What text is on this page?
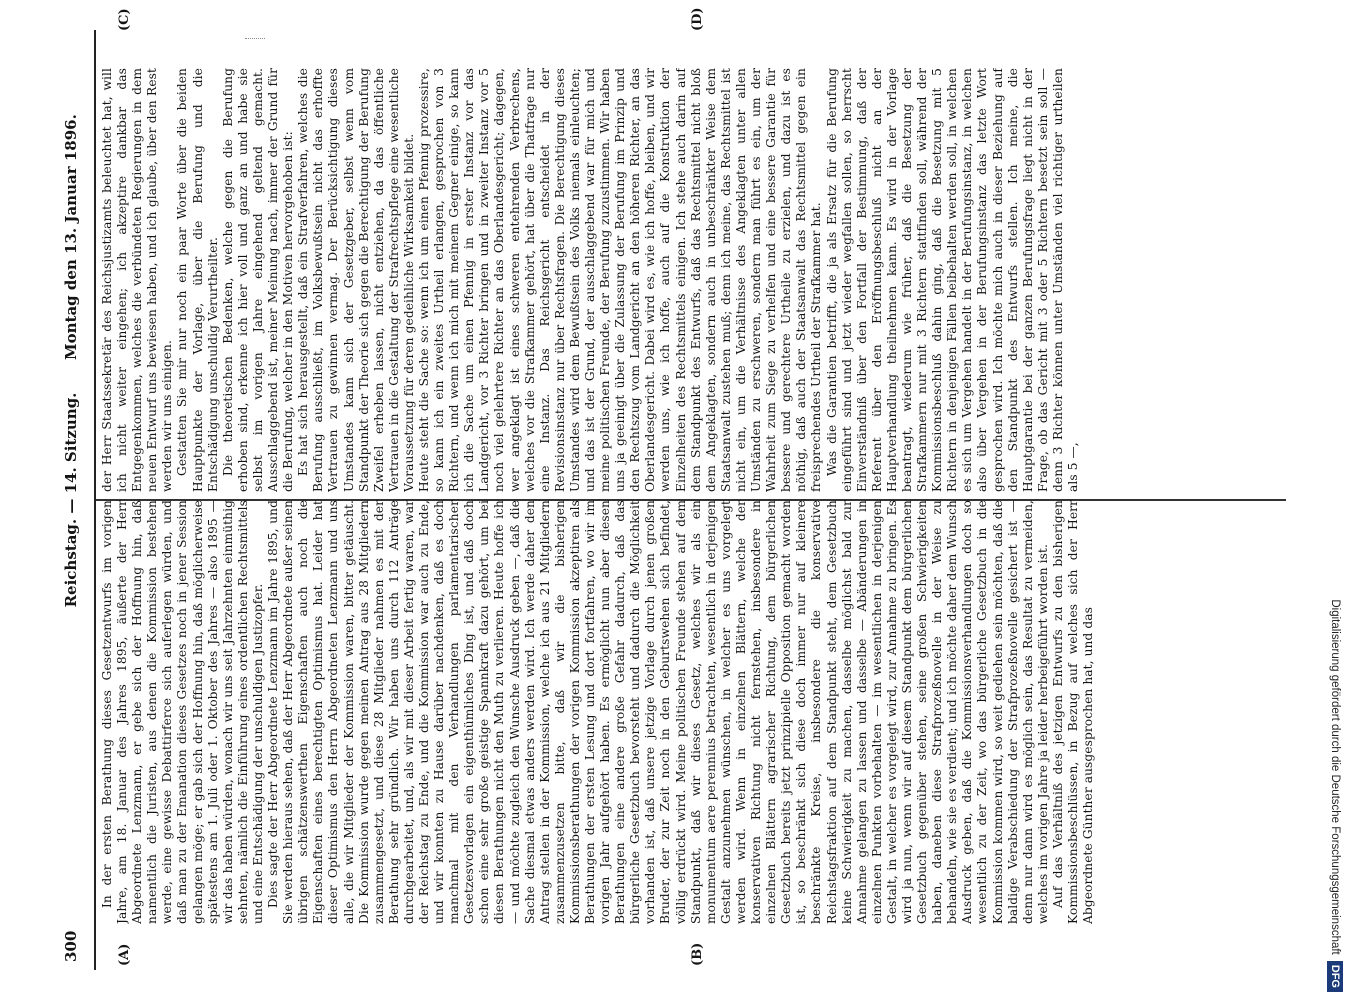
300
Reichstag. — 14. Sitzung.
Montag den 13. Januar 1896.
(A)	(B)
(C)	(D)

In der ersten Berathung dieses Gesetzentwurfs im vorigen Jahre, am 18. Januar des Jahres 1895, äußerte der Herr Abgeordnete Lenzmann, er gebe sich der Hoffnung hin, daß namentlich die Juristen, aus denen die Kommission bestehen werde, eine gewisse Debattirferce sich auferlegen würden, und daß man zu der Emanation dieses Gesetzes noch in jener Session gelangen möge; er gab sich der Hoffnung hin, daß möglicherweise spätestens am 1. Juli oder 1. Oktober des Jahres — also 1895 — wir das haben würden, wonach wir uns seit Jahrzehnten einmüthig sehnten, nämlich die Einführung eines ordentlichen Rechtsmittels und eine Entschädigung der unschuldigen Justizopfer. Dies sagte der Herr Abgeordnete Lenzmann im Jahre 1895, und Sie werden hieraus sehen, daß der Herr Abgeordnete außer seinen übrigen schätzenswerthen Eigenschaften auch noch die Eigenschaften eines berechtigten Optimismus hat. Leider hat dieser Optimismus den Herrn Abgeordneten Lenzmann und uns alle, die wir Mitglieder der Kommission waren, bitter getäuscht. Die Kommission wurde gegen meinen Antrag aus 28 Mitgliedern zusammengesetzt, und diese 28 Mitglieder nahmen es mit der Berathung sehr gründlich. Wir haben uns durch 112 Anträge durchgearbeitet, und, als wir mit dieser Arbeit fertig waren, war der Reichstag zu Ende, und die Kommission war auch zu Ende, und wir konnten zu Hause darüber nachdenken, daß es doch manchmal mit den Verhandlungen parlamentarischer Gesetzesvorlagen ein eigenthümliches Ding ist, und daß doch schon eine sehr große geistige Spannkraft dazu gehört, um bei diesen Berathungen nicht den Muth zu verlieren. Heute hoffe ich — und möchte zugleich den Wunsche Ausdruck geben —, daß die Sache diesmal etwas anders werden wird. Ich werde daher den Antrag stellen in der Kommission, welche ich aus 21 Mitgliedern zusammenzusetzen bitte, daß wir die bisherigen Kommissionsberathungen der vorigen Kommission akzeptiren als Berathungen der ersten Lesung und dort fortfahren, wo wir im vorigen Jahr aufgehört haben. Es ermöglicht nun aber diesen Berathungen eine andere große Gefahr dadurch, daß das bürgerliche Gesetzbuch bevorsteht und dadurch die Möglichkeit vorhanden ist, daß unsere jetzige Vorlage durch jenen großen Bruder, der zur Zeit noch in den Geburtswehen sich befindet, völlig erdrückt wird. Meine politischen Freunde stehen auf dem Standpunkt, daß wir dieses Gesetz, welches wir als ein monumentum aere perennius betrachten, wesentlich in derjenigen Gestalt anzunehmen wünschen, in welcher es uns vorgelegt werden wird. Wenn in einzelnen Blättern, welche der konservativen Richtung nicht fernstehen, insbesondere in einzelnen Blättern agrarischer Richtung, dem bürgerlichen Gesetzbuch bereits jetzt prinzipielle Opposition gemacht worden ist, so beschränkt sich diese doch immer nur auf kleinere beschränkte Kreise, insbesondere die konservative Reichstagsfraktion auf dem Standpunkt steht, dem Gesetzbuch keine Schwierigkeit zu machen, dasselbe möglichst bald zur Annahme gelangen zu lassen und dasselbe — Abänderungen in einzelnen Punkten vorbehalten — im wesentlichen in derjenigen Gestalt, in welcher es vorgelegt wird, zur Annahme zu bringen. Es wird ja nun, wenn wir auf diesem Standpunkt dem bürgerlichen Gesetzbuch gegenüber stehen, seine großen Schwierigkeiten haben, daneben diese Strafprozeßnovelle in der Weise zu behandeln, wie sie es verdient; und ich möchte daher dem Wunsch Ausdruck geben, daß die Kommissionsverhandlungen doch so wesentlich zu der Zeit, wo das bürgerliche Gesetzbuch in die Kommission kommen wird, so weit gediehen sein möchten, daß die baldige Verabschiedung der Strafprozeßnovelle gesichert ist — denn nur dann wird es möglich sein, das Resultat zu vermeiden, welches im vorigen Jahre ja leider herbeigeführt worden ist. Auf das Verhältniß des jetzigen Entwurfs zu den bisherigen Kommissionsbeschlüssen, in Bezug auf welches sich der Herr Abgeordnete Günther ausgesprochen hat, und das

der Herr Staatssekretär des Reichsjustizamts beleuchtet hat, will ich nicht weiter eingehen; ich akzeptire dankbar das Entgegenkommen, welches die verbündeten Regierungen in dem neuen Entwurf uns bewiesen haben, und ich glaube, über den Rest werden wir uns einigen. Gestatten Sie mir nur noch ein paar Worte über die beiden Hauptpunkte der Vorlage, über die Berufung und die Entschädigung unschuldig Verurtheilter. Die theoretischen Bedenken, welche gegen die Berufung erhoben sind, erkenne ich hier voll und ganz an und habe sie selbst im vorigen Jahre eingehend geltend gemacht. Ausschlaggebend ist, meiner Meinung nach, immer der Grund für die Berufung, welcher in den Motiven hervorgehoben ist: Es hat sich herausgestellt, daß ein Strafverfahren, welches die Berufung ausschließt, im Volksbewußtsein nicht das erhoffte Vertrauen zu gewinnen vermag. Der Berücksichtigung dieses Umstandes kann sich der Gesetzgeber, selbst wenn vom Standpunkt der Theorie sich gegen die Berechtigung der Berufung Zweifel erheben lassen, nicht entziehen, da das öffentliche Vertrauen in die Gestaltung der Strafrechtspflege eine wesentliche Voraussetzung für deren gedeihliche Wirksamkeit bildet. Heute steht die Sache so: wenn ich um einen Pfennig prozessire, so kann ich ein zweites Urtheil erlangen, gesprochen von 3 Richtern, und wenn ich mich mit meinem Gegner einige, so kann ich die Sache um einen Pfennig in erster Instanz vor das Landgericht, vor 3 Richter bringen und in zweiter Instanz vor 5 noch viel gelehrtere Richter an das Oberlandesgericht; dagegen, wer angeklagt ist eines schweren entehrenden Verbrechens, welches vor die Strafkammer gehört, hat über die Thatfrage nur eine Instanz. Das Reichsgericht entscheidet in der Revisionsinstanz nur über Rechtsfragen. Die Berechtigung dieses Umstandes wird dem Bewußtsein des Volks niemals einleuchten; und das ist der Grund, der ausschlaggebend war für mich und meine politischen Freunde, der Berufung zuzustimmen. Wir haben uns ja geeinigt über die Zulassung der Berufung im Prinzip und den Rechtszug vom Landgericht an den höheren Richter, an das Oberlandesgericht. Dabei wird es, wie ich hoffe, bleiben, und wir werden uns, wie ich hoffe, auch auf die Konstruktion der Einzelheiten des Rechtsmittels einigen. Ich stehe auch darin auf dem Standpunkt des Entwurfs, daß das Rechtsmittel nicht bloß dem Angeklagten, sondern auch in unbeschränkter Weise dem Staatsanwalt zustehen muß; denn ich meine, das Rechtsmittel ist nicht ein, um die Verhältnisse des Angeklagten unter allen Umständen zu erschweren, sondern man führt es ein, um der Wahrheit zum Siege zu verhelfen und eine bessere Garantie für bessere und gerechtere Urtheile zu erzielen, und dazu ist es nöthig, daß auch der Staatsanwalt das Rechtsmittel gegen ein freisprechendes Urtheil der Strafkammer hat. Was die Garantien betrifft, die ja als Ersatz für die Berufung eingeführt sind und jetzt wieder wegfallen sollen, so herrscht Einverständniß über den Fortfall der Bestimmung, daß der Referent über den Eröffnungsbeschluß nicht an der Hauptverhandlung theilnehmen kann. Es wird in der Vorlage beantragt, wiederum wie früher, daß die Besetzung der Strafkammern nur mit 3 Richtern stattfinden soll, während der Kommissionsbeschluß dahin ging, daß die Besetzung mit 5 Richtern in denjenigen Fällen beibehalten werden soll, in welchen es sich um Vergehen handelt in der Berufungsinstanz, in welchen also über Vergehen in der Berufungsinstanz das letzte Wort gesprochen wird. Ich möchte mich auch in dieser Beziehung auf den Standpunkt des Entwurfs stellen. Ich meine, die Hauptgarantie bei der ganzen Berufungsfrage liegt nicht in der Frage, ob das Gericht mit 3 oder 5 Richtern besetzt sein soll — denn 3 Richter können unter Umständen viel richtiger urtheilen als 5 —,

Digitalisierung gefördert durch die Deutsche ForschungsgemeinschaftDFG
